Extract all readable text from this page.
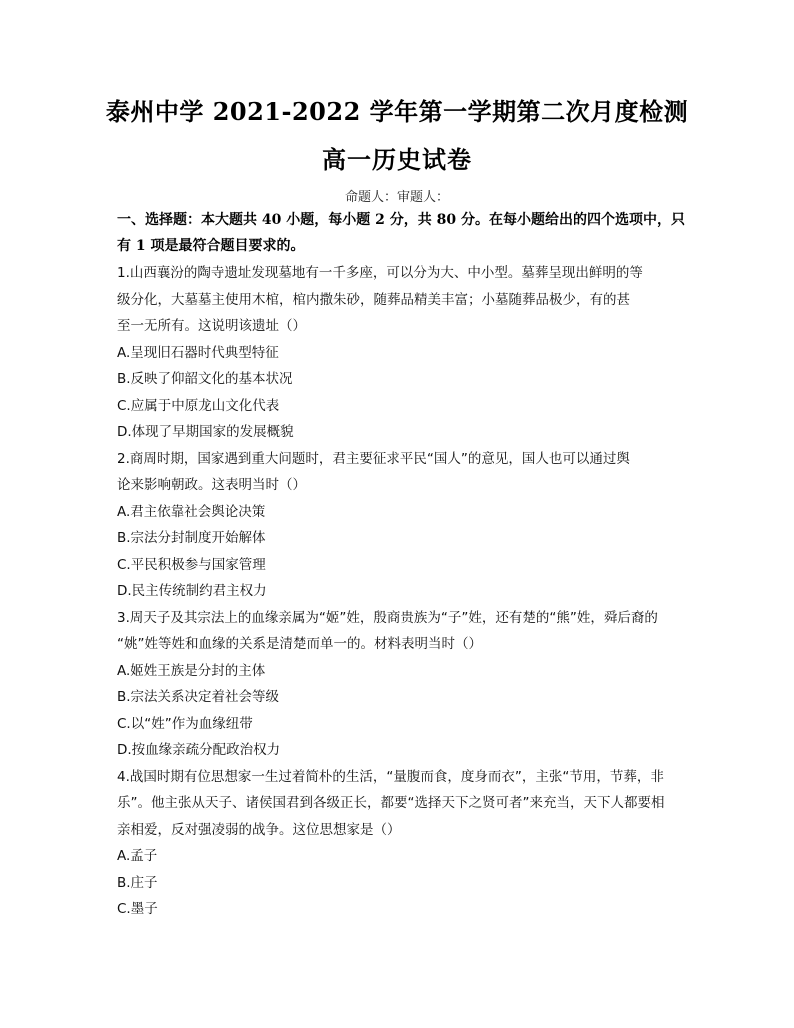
泰州中学 2021-2022 学年第一学期第二次月度检测
高一历史试卷
命题人：审题人：
一、选择题：本大题共 40 小题，每小题 2 分，共 80 分。在每小题给出的四个选项中，只
有 1 项是最符合题目要求的。
1.山西襄汾的陶寺遗址发现墓地有一千多座，可以分为大、中小型。墓葬呈现出鲜明的等
级分化，大墓墓主使用木棺，棺内撒朱砂，随葬品精美丰富；小墓随葬品极少，有的甚
至一无所有。这说明该遗址（）
A.呈现旧石器时代典型特征
B.反映了仰韶文化的基本状况
C.应属于中原龙山文化代表
D.体现了早期国家的发展概貌
2.商周时期，国家遇到重大问题时，君主要征求平民“国人”的意见，国人也可以通过舆
论来影响朝政。这表明当时（）
A.君主依靠社会舆论决策
B.宗法分封制度开始解体
C.平民积极参与国家管理
D.民主传统制约君主权力
3.周天子及其宗法上的血缘亲属为“姬”姓，殷商贵族为“子”姓，还有楚的“熊”姓，舜后裔的
“姚”姓等姓和血缘的关系是清楚而单一的。材料表明当时（）
A.姬姓王族是分封的主体
B.宗法关系决定着社会等级
C.以“姓”作为血缘纽带
D.按血缘亲疏分配政治权力
4.战国时期有位思想家一生过着简朴的生活，“量腹而食，度身而衣”，主张“节用，节葬，非
乐”。他主张从天子、诸侯国君到各级正长，都要“选择天下之贤可者”来充当，天下人都要相
亲相爱，反对强凌弱的战争。这位思想家是（）
A.孟子
B.庄子
C.墨子
